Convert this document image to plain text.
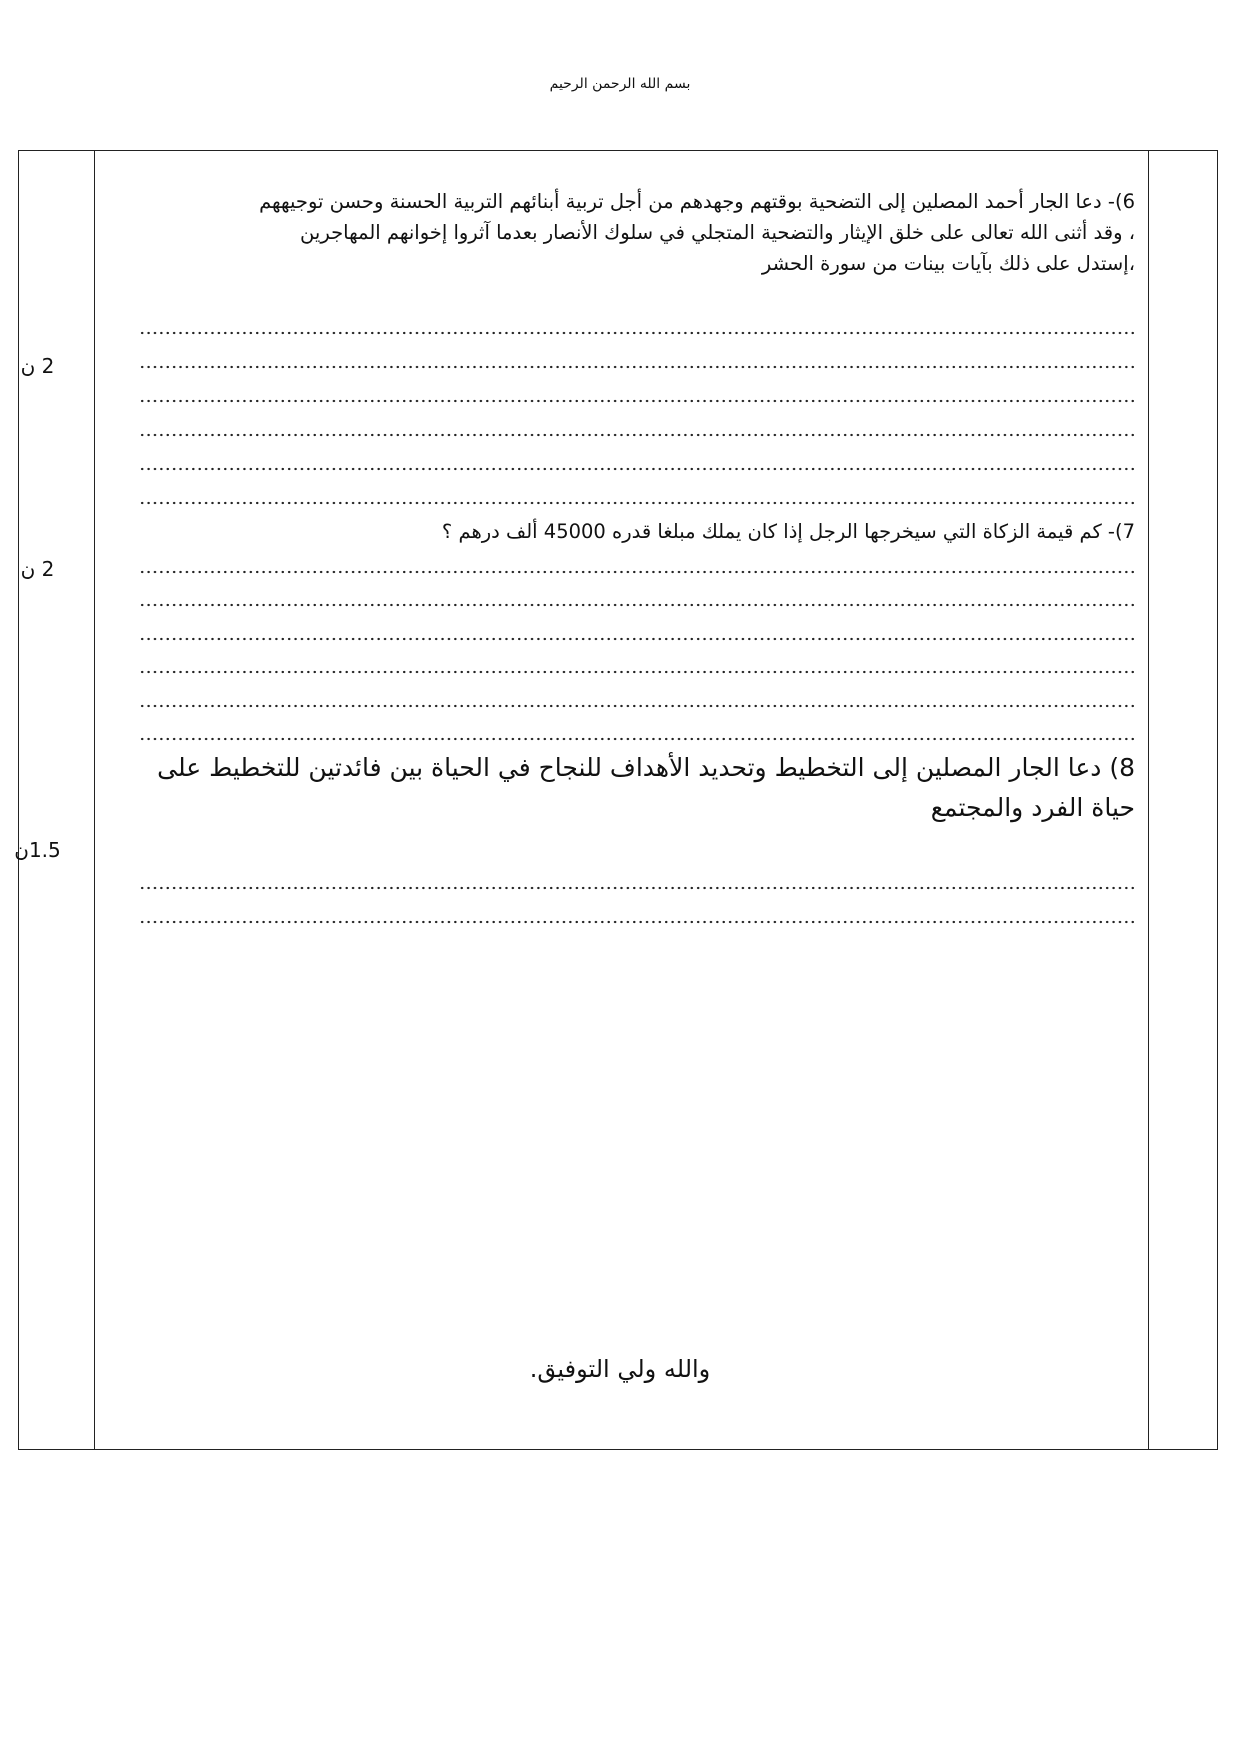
بسم الله الرحمن الرحيم
2 ن
2 ن
1.5ن
6)- دعا الجار أحمد المصلين إلى التضحية بوقتهم وجهدهم من أجل تربية أبنائهم التربية الحسنة وحسن توجيههم
، وقد أثنى الله تعالى على خلق الإيثار والتضحية المتجلي في سلوك الأنصار بعدما آثروا إخوانهم المهاجرين
،إستدل على ذلك بآيات بينات من سورة الحشر
7)- كم قيمة الزكاة التي سيخرجها الرجل إذا كان يملك مبلغا قدره 45000 ألف درهم ؟
8) دعا الجار المصلين إلى التخطيط وتحديد الأهداف للنجاح في الحياة بين فائدتين للتخطيط على
حياة الفرد والمجتمع
والله ولي التوفيق.
